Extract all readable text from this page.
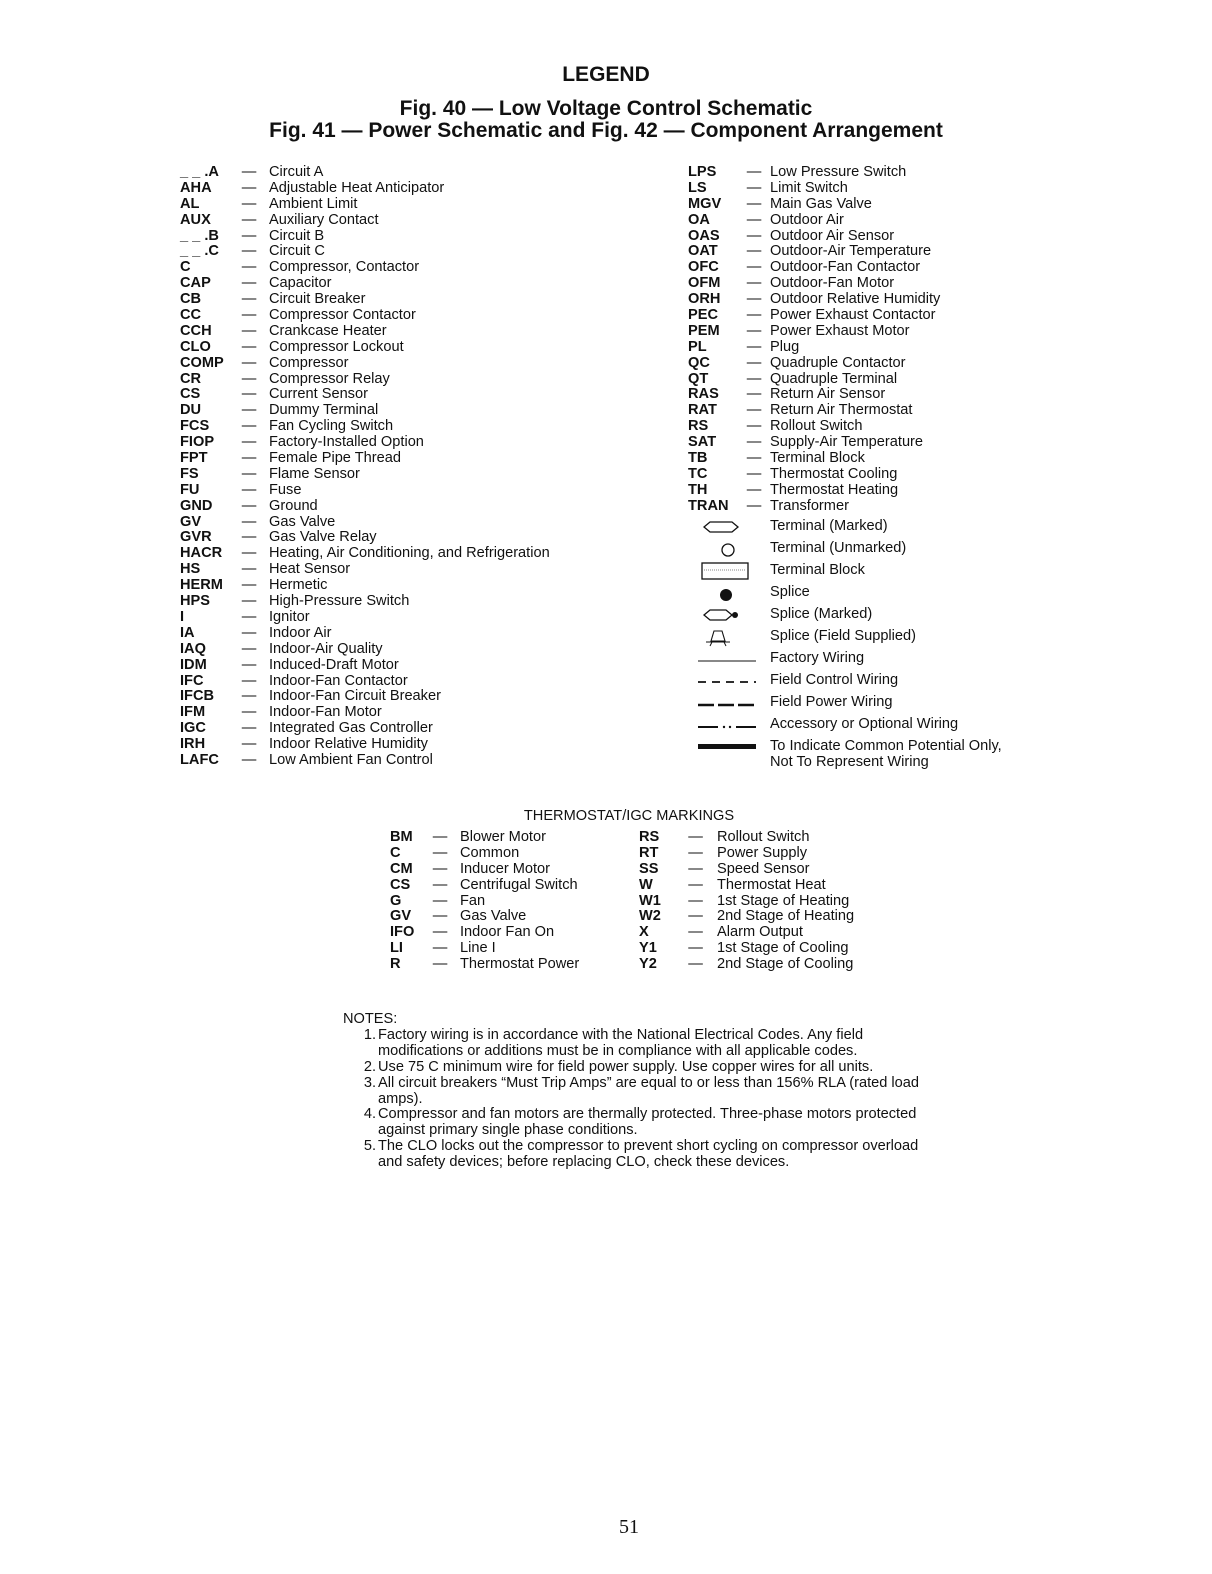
LEGEND
Fig. 40 — Low Voltage Control Schematic
Fig. 41 — Power Schematic and Fig. 42 — Component Arrangement
_ _ .A	— Circuit A
AHA	— Adjustable Heat Anticipator
AL	— Ambient Limit
AUX	— Auxiliary Contact
_ _ .B	— Circuit B
_ _ .C	— Circuit C
C	— Compressor, Contactor
CAP	— Capacitor
CB	— Circuit Breaker
CC	— Compressor Contactor
CCH	— Crankcase Heater
CLO	— Compressor Lockout
COMP	— Compressor
CR	— Compressor Relay
CS	— Current Sensor
DU	— Dummy Terminal
FCS	— Fan Cycling Switch
FIOP	— Factory-Installed Option
FPT	— Female Pipe Thread
FS	— Flame Sensor
FU	— Fuse
GND	— Ground
GV	— Gas Valve
GVR	— Gas Valve Relay
HACR	— Heating, Air Conditioning, and Refrigeration
HS	— Heat Sensor
HERM	— Hermetic
HPS	— High-Pressure Switch
I	— Ignitor
IA	— Indoor Air
IAQ	— Indoor-Air Quality
IDM	— Induced-Draft Motor
IFC	— Indoor-Fan Contactor
IFCB	— Indoor-Fan Circuit Breaker
IFM	— Indoor-Fan Motor
IGC	— Integrated Gas Controller
IRH	— Indoor Relative Humidity
LAFC	— Low Ambient Fan Control
LPS	— Low Pressure Switch
LS	— Limit Switch
MGV	— Main Gas Valve
OA	— Outdoor Air
OAS	— Outdoor Air Sensor
OAT	— Outdoor-Air Temperature
OFC	— Outdoor-Fan Contactor
OFM	— Outdoor-Fan Motor
ORH	— Outdoor Relative Humidity
PEC	— Power Exhaust Contactor
PEM	— Power Exhaust Motor
PL	— Plug
QC	— Quadruple Contactor
QT	— Quadruple Terminal
RAS	— Return Air Sensor
RAT	— Return Air Thermostat
RS	— Rollout Switch
SAT	— Supply-Air Temperature
TB	— Terminal Block
TC	— Thermostat Cooling
TH	— Thermostat Heating
TRAN	— Transformer
Terminal (Marked)
Terminal (Unmarked)
Terminal Block
Splice
Splice (Marked)
Splice (Field Supplied)
Factory Wiring
Field Control Wiring
Field Power Wiring
Accessory or Optional Wiring
To Indicate Common Potential Only,
Not To Represent Wiring
THERMOSTAT/IGC MARKINGS
BM	— Blower Motor
C	— Common
CM	— Inducer Motor
CS	— Centrifugal Switch
G	— Fan
GV	— Gas Valve
IFO	— Indoor Fan On
LI	— Line I
R	— Thermostat Power
RS	— Rollout Switch
RT	— Power Supply
SS	— Speed Sensor
W	— Thermostat Heat
W1	— 1st Stage of Heating
W2	— 2nd Stage of Heating
X	— Alarm Output
Y1	— 1st Stage of Cooling
Y2	— 2nd Stage of Cooling
NOTES:
1. Factory wiring is in accordance with the National Electrical Codes. Any field modifications or additions must be in compliance with all applicable codes.
2. Use 75 C minimum wire for field power supply. Use copper wires for all units.
3. All circuit breakers “Must Trip Amps” are equal to or less than 156% RLA (rated load amps).
4. Compressor and fan motors are thermally protected. Three-phase motors protected against primary single phase conditions.
5. The CLO locks out the compressor to prevent short cycling on compressor overload and safety devices; before replacing CLO, check these devices.
51
